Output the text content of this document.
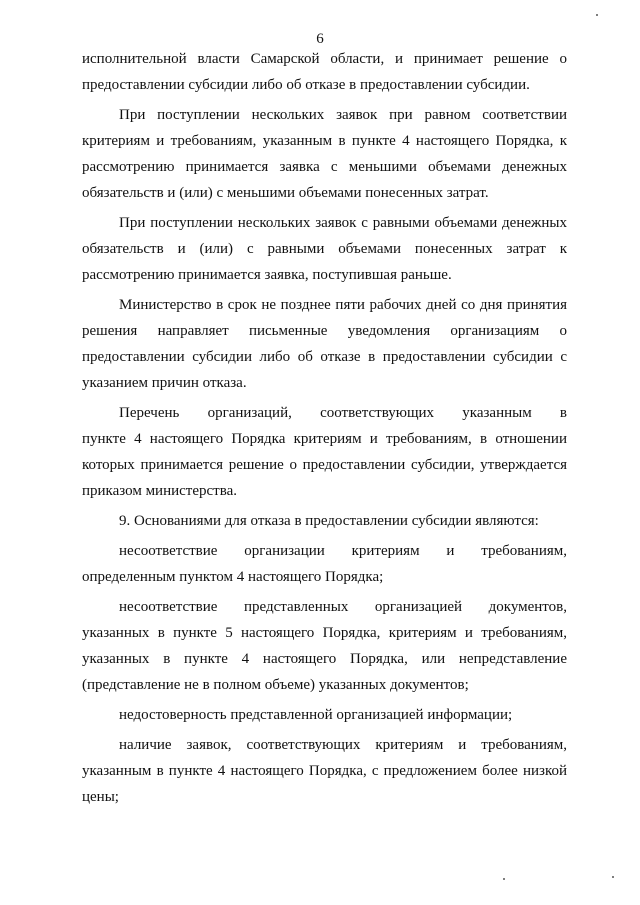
6

исполнительной власти Самарской области, и принимает решение о
предоставлении субсидии либо об отказе в предоставлении субсидии.

При поступлении нескольких заявок при равном соответствии
критериям и требованиям, указанным в пункте 4 настоящего Порядка, к
рассмотрению принимается заявка с меньшими объемами денежных
обязательств и (или) с меньшими объемами понесенных затрат.

При поступлении нескольких заявок с равными объемами денежных
обязательств и (или) с равными объемами понесенных затрат к
рассмотрению принимается заявка, поступившая раньше.

Министерство в срок не позднее пяти рабочих дней со дня принятия
решения направляет письменные уведомления организациям о
предоставлении субсидии либо об отказе в предоставлении субсидии с
указанием причин отказа.

Перечень организаций, соответствующих указанным в
пункте 4 настоящего Порядка критериям и требованиям, в отношении
которых принимается решение о предоставлении субсидии, утверждается
приказом министерства.

9. Основаниями для отказа в предоставлении субсидии являются:

несоответствие организации критериям и требованиям,
определенным пунктом 4 настоящего Порядка;

несоответствие представленных организацией документов,
указанных в пункте 5 настоящего Порядка, критериям и требованиям,
указанных в пункте 4 настоящего Порядка, или непредставление
(представление не в полном объеме) указанных документов;

недостоверность представленной организацией информации;

наличие заявок, соответствующих критериям и требованиям,
указанным в пункте 4 настоящего Порядка, с предложением более низкой
цены;
